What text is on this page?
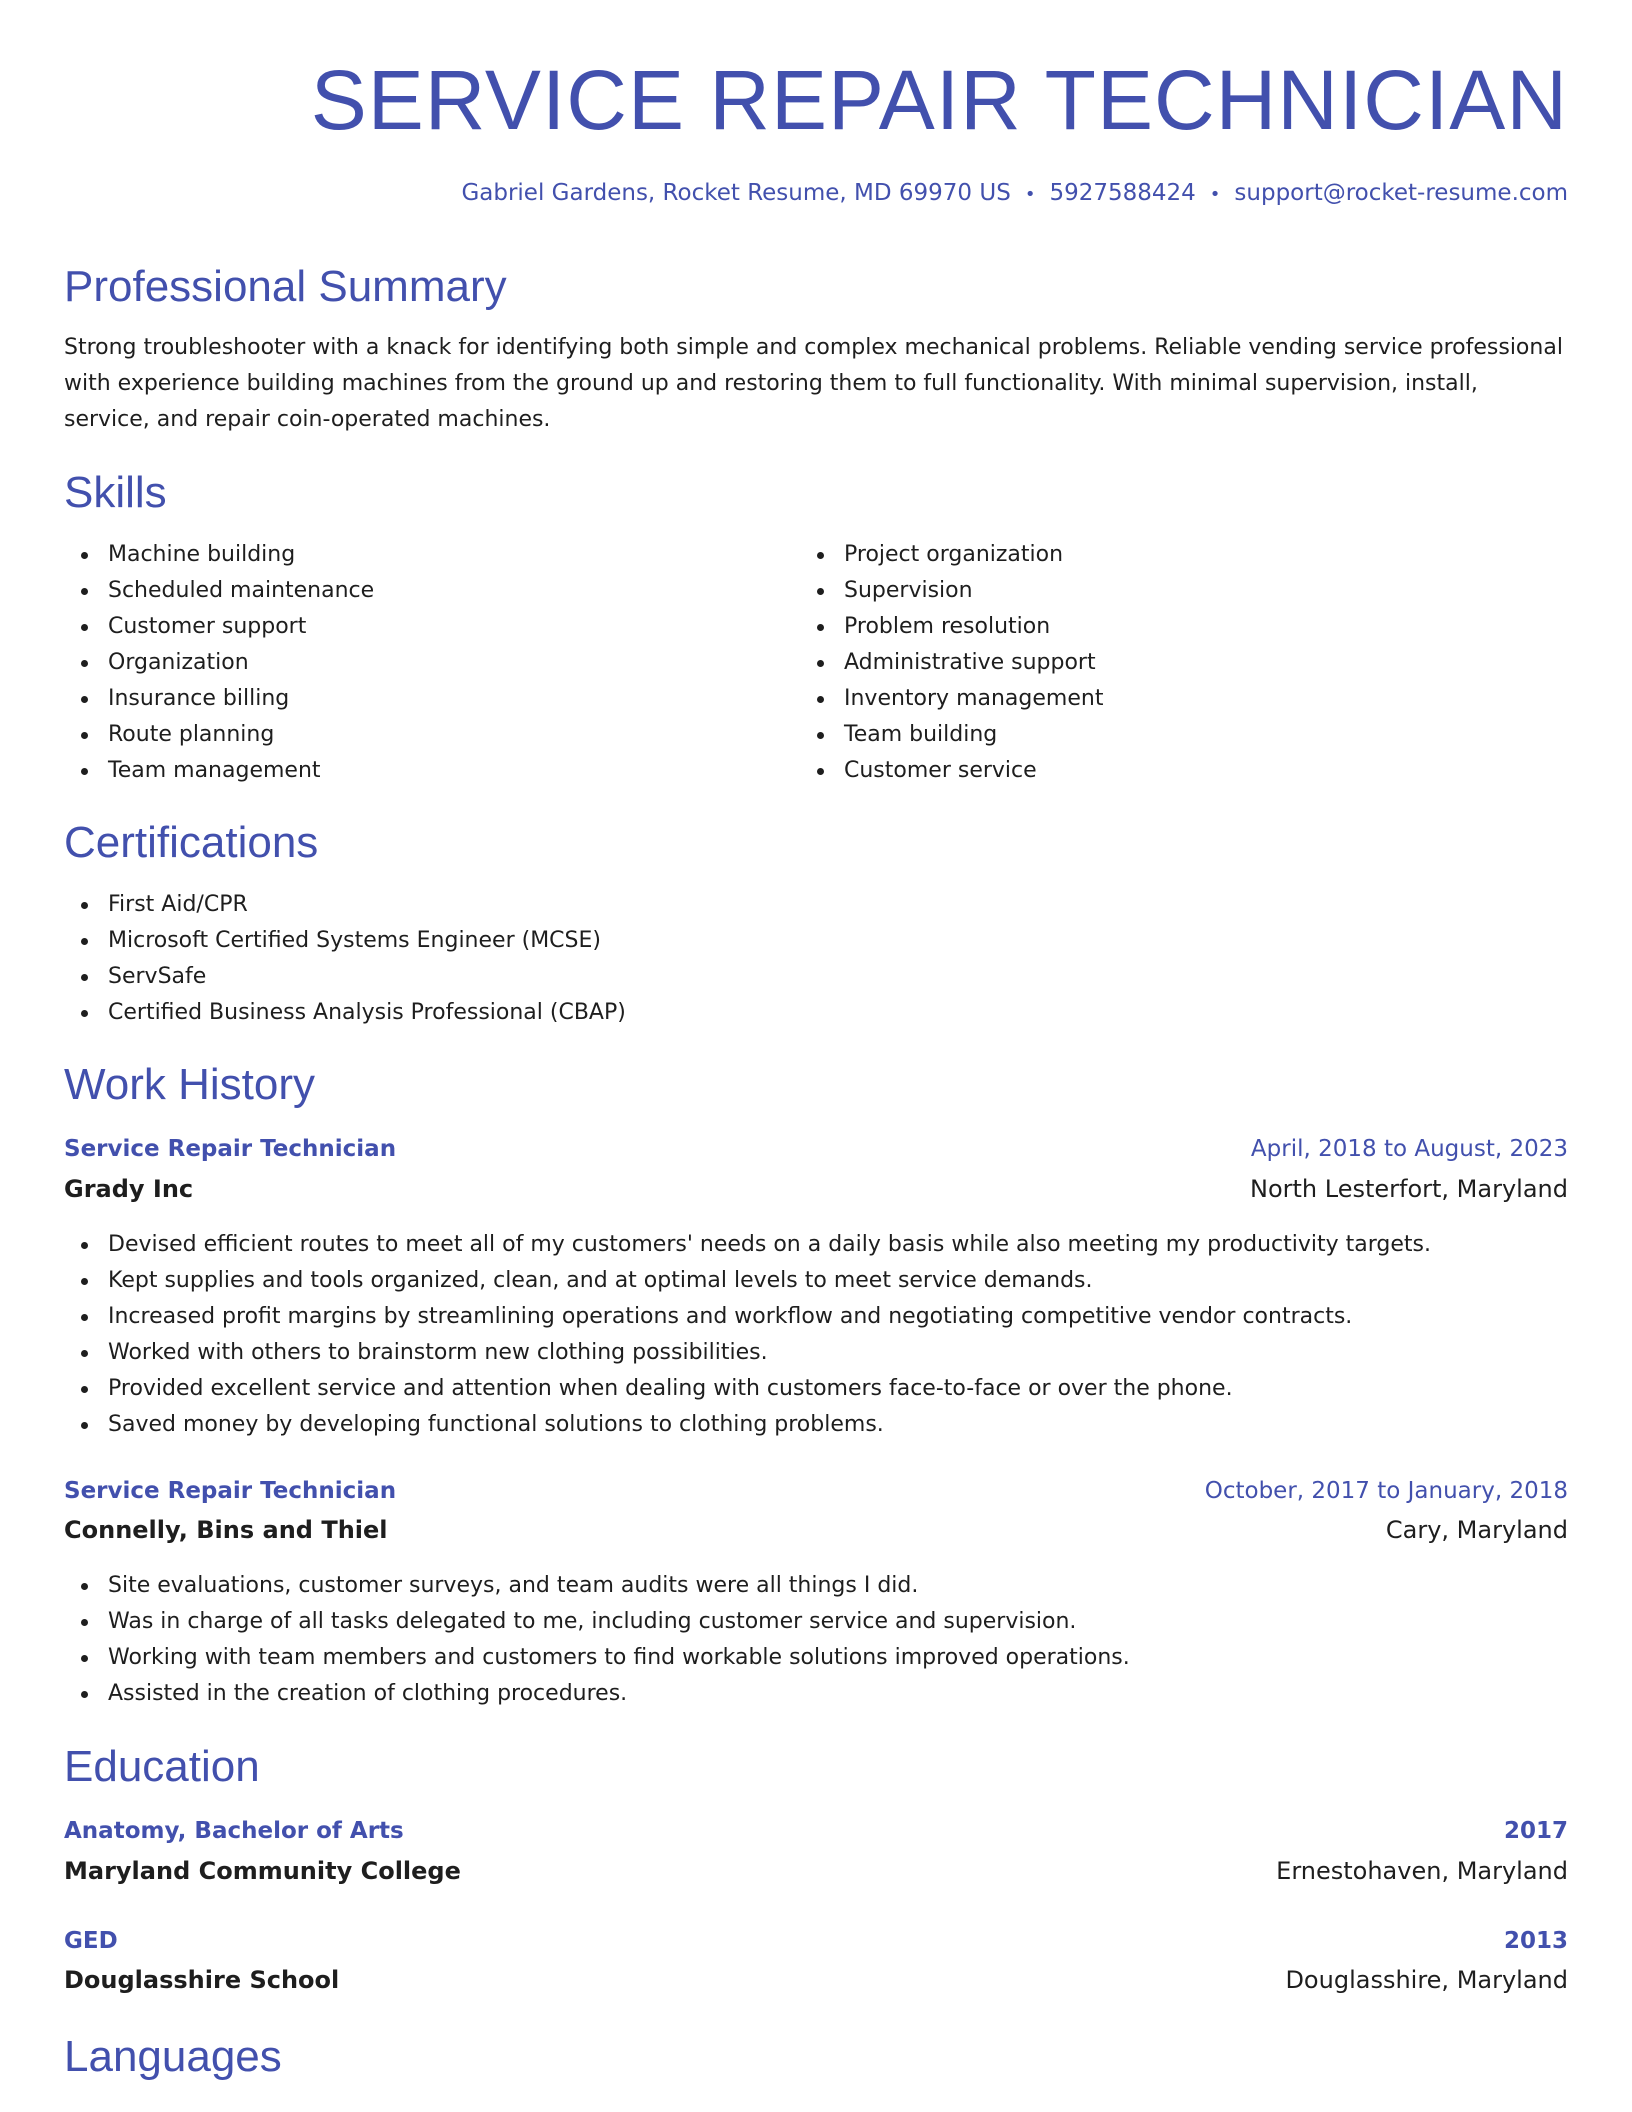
SERVICE REPAIR TECHNICIAN
Gabriel Gardens, Rocket Resume, MD 69970 US • 5927588424 • support@rocket-resume.com
Professional Summary
Strong troubleshooter with a knack for identifying both simple and complex mechanical problems. Reliable vending service professional with experience building machines from the ground up and restoring them to full functionality. With minimal supervision, install, service, and repair coin-operated machines.
Skills
Machine building
Scheduled maintenance
Customer support
Organization
Insurance billing
Route planning
Team management
Project organization
Supervision
Problem resolution
Administrative support
Inventory management
Team building
Customer service
Certifications
First Aid/CPR
Microsoft Certified Systems Engineer (MCSE)
ServSafe
Certified Business Analysis Professional (CBAP)
Work History
Service Repair Technician	April, 2018 to August, 2023
Grady Inc	North Lesterfort, Maryland
Devised efficient routes to meet all of my customers' needs on a daily basis while also meeting my productivity targets.
Kept supplies and tools organized, clean, and at optimal levels to meet service demands.
Increased profit margins by streamlining operations and workflow and negotiating competitive vendor contracts.
Worked with others to brainstorm new clothing possibilities.
Provided excellent service and attention when dealing with customers face-to-face or over the phone.
Saved money by developing functional solutions to clothing problems.
Service Repair Technician	October, 2017 to January, 2018
Connelly, Bins and Thiel	Cary, Maryland
Site evaluations, customer surveys, and team audits were all things I did.
Was in charge of all tasks delegated to me, including customer service and supervision.
Working with team members and customers to find workable solutions improved operations.
Assisted in the creation of clothing procedures.
Education
Anatomy, Bachelor of Arts	2017
Maryland Community College	Ernestohaven, Maryland
GED	2013
Douglasshire School	Douglasshire, Maryland
Languages
